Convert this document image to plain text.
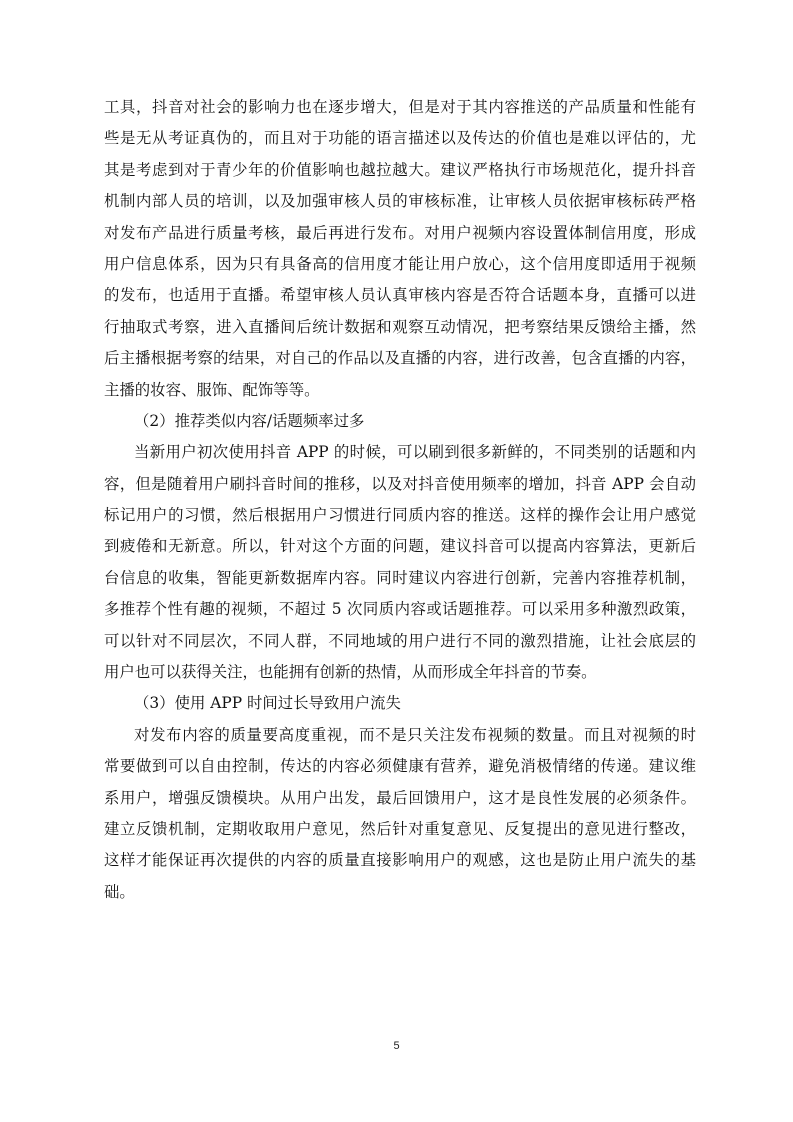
工具，抖音对社会的影响力也在逐步增大，但是对于其内容推送的产品质量和性能有
些是无从考证真伪的，而且对于功能的语言描述以及传达的价值也是难以评估的，尤
其是考虑到对于青少年的价值影响也越拉越大。建议严格执行市场规范化，提升抖音
机制内部人员的培训，以及加强审核人员的审核标准，让审核人员依据审核标砖严格
对发布产品进行质量考核，最后再进行发布。对用户视频内容设置体制信用度，形成
用户信息体系，因为只有具备高的信用度才能让用户放心，这个信用度即适用于视频
的发布，也适用于直播。希望审核人员认真审核内容是否符合话题本身，直播可以进
行抽取式考察，进入直播间后统计数据和观察互动情况，把考察结果反馈给主播，然
后主播根据考察的结果，对自己的作品以及直播的内容，进行改善，包含直播的内容，
主播的妆容、服饰、配饰等等。
（2）推荐类似内容/话题频率过多
当新用户初次使用抖音 APP 的时候，可以刷到很多新鲜的，不同类别的话题和内
容，但是随着用户刷抖音时间的推移，以及对抖音使用频率的增加，抖音 APP 会自动
标记用户的习惯，然后根据用户习惯进行同质内容的推送。这样的操作会让用户感觉
到疲倦和无新意。所以，针对这个方面的问题，建议抖音可以提高内容算法，更新后
台信息的收集，智能更新数据库内容。同时建议内容进行创新，完善内容推荐机制，
多推荐个性有趣的视频，不超过 5 次同质内容或话题推荐。可以采用多种激烈政策，
可以针对不同层次，不同人群，不同地域的用户进行不同的激烈措施，让社会底层的
用户也可以获得关注，也能拥有创新的热情，从而形成全年抖音的节奏。
（3）使用 APP 时间过长导致用户流失
对发布内容的质量要高度重视，而不是只关注发布视频的数量。而且对视频的时
常要做到可以自由控制，传达的内容必须健康有营养，避免消极情绪的传递。建议维
系用户，增强反馈模块。从用户出发，最后回馈用户，这才是良性发展的必须条件。
建立反馈机制，定期收取用户意见，然后针对重复意见、反复提出的意见进行整改，
这样才能保证再次提供的内容的质量直接影响用户的观感，这也是防止用户流失的基
础。
5
